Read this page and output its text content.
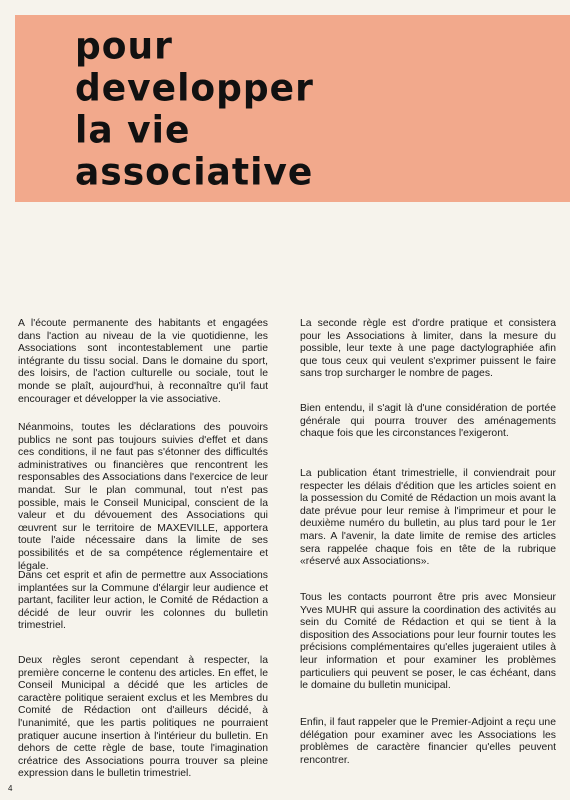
pour
developper
la vie
associative

A l'écoute permanente des habitants et engagées dans l'action au niveau de la vie quotidienne, les Associations sont incontestablement une partie intégrante du tissu social. Dans le domaine du sport, des loisirs, de l'action culturelle ou sociale, tout le monde se plaît, aujourd'hui, à reconnaître qu'il faut encourager et développer la vie associative.

Néanmoins, toutes les déclarations des pouvoirs publics ne sont pas toujours suivies d'effet et dans ces conditions, il ne faut pas s'étonner des difficultés administratives ou financières que rencontrent les responsables des Associations dans l'exercice de leur mandat. Sur le plan communal, tout n'est pas possible, mais le Conseil Municipal, conscient de la valeur et du dévouement des Associations qui œuvrent sur le territoire de MAXEVILLE, apportera toute l'aide nécessaire dans la limite de ses possibilités et de sa compétence réglementaire et légale.

Dans cet esprit et afin de permettre aux Associations implantées sur la Commune d'élargir leur audience et partant, faciliter leur action, le Comité de Rédaction a décidé de leur ouvrir les colonnes du bulletin trimestriel.

Deux règles seront cependant à respecter, la première concerne le contenu des articles. En effet, le Conseil Municipal a décidé que les articles de caractère politique seraient exclus et les Membres du Comité de Rédaction ont d'ailleurs décidé, à l'unanimité, que les partis politiques ne pourraient pratiquer aucune insertion à l'intérieur du bulletin. En dehors de cette règle de base, toute l'imagination créatrice des Associations pourra trouver sa pleine expression dans le bulletin trimestriel.

La seconde règle est d'ordre pratique et consistera pour les Associations à limiter, dans la mesure du possible, leur texte à une page dactylographiée afin que tous ceux qui veulent s'exprimer puissent le faire sans trop surcharger le nombre de pages.

Bien entendu, il s'agit là d'une considération de portée générale qui pourra trouver des aménagements chaque fois que les circonstances l'exigeront.

La publication étant trimestrielle, il conviendrait pour respecter les délais d'édition que les articles soient en la possession du Comité de Rédaction un mois avant la date prévue pour leur remise à l'imprimeur et pour le deuxième numéro du bulletin, au plus tard pour le 1er mars. A l'avenir, la date limite de remise des articles sera rappelée chaque fois en tête de la rubrique «réservé aux Associations».

Tous les contacts pourront être pris avec Monsieur Yves MUHR qui assure la coordination des activités au sein du Comité de Rédaction et qui se tient à la disposition des Associations pour leur fournir toutes les précisions complémentaires qu'elles jugeraient utiles à leur information et pour examiner les problèmes particuliers qui peuvent se poser, le cas échéant, dans le domaine du bulletin municipal.

Enfin, il faut rappeler que le Premier-Adjoint a reçu une délégation pour examiner avec les Associations les problèmes de caractère financier qu'elles peuvent rencontrer.

4
